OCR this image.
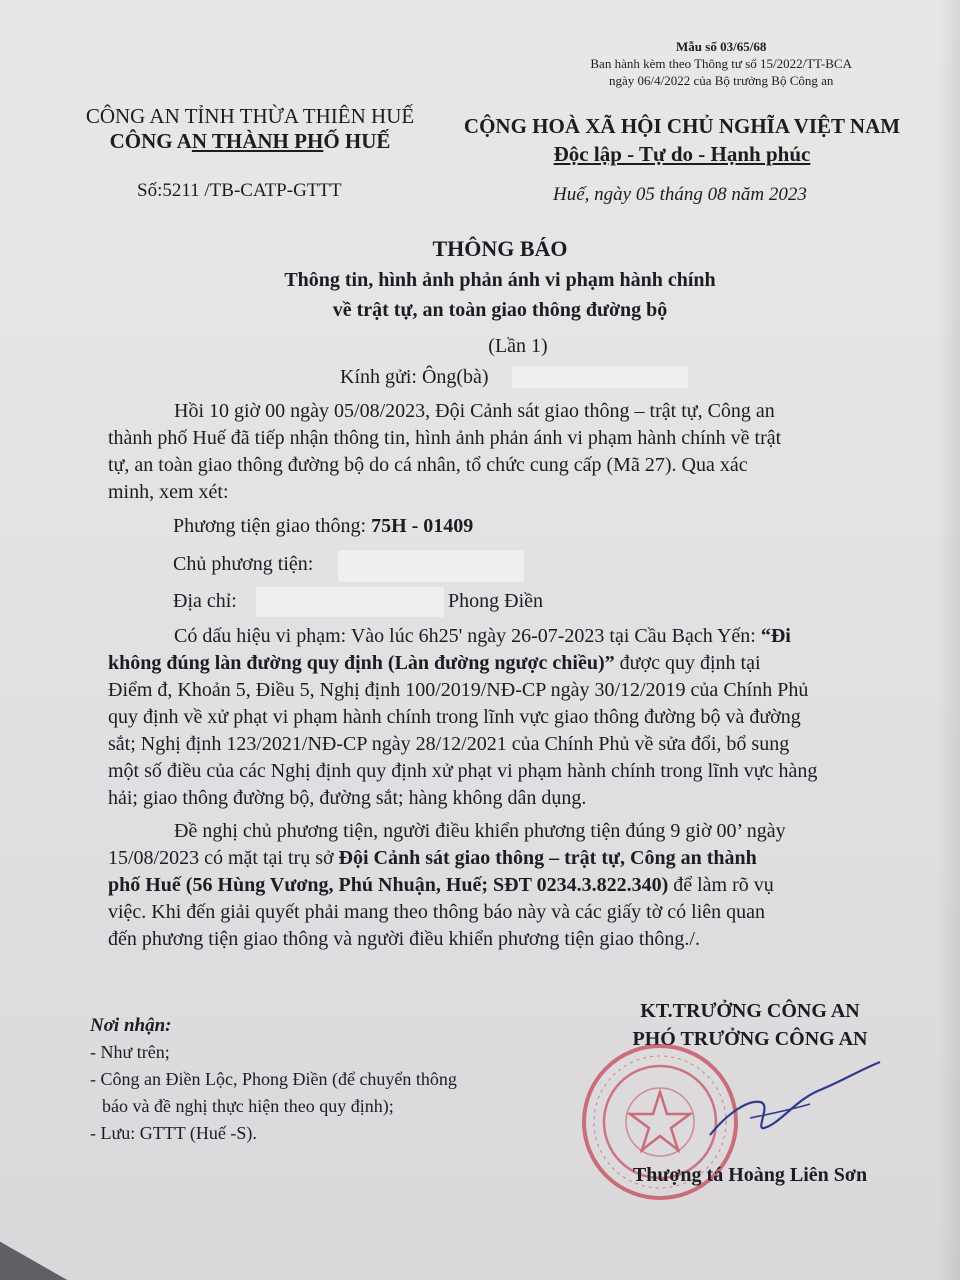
Mẫu số 03/65/68
Ban hành kèm theo Thông tư số 15/2022/TT-BCA
ngày 06/4/2022 của Bộ trưởng Bộ Công an
CÔNG AN TỈNH THỪA THIÊN HUẾ
CÔNG AN THÀNH PHỐ HUẾ
CỘNG HOÀ XÃ HỘI CHỦ NGHĨA VIỆT NAM
Độc lập - Tự do - Hạnh phúc
Số:5211 /TB-CATP-GTTT	Huế, ngày 05 tháng 08 năm 2023
THÔNG BÁO
Thông tin, hình ảnh phản ánh vi phạm hành chính
về trật tự, an toàn giao thông đường bộ
(Lần 1)
Kính gửi: Ông(bà)
Hồi 10 giờ 00 ngày 05/08/2023, Đội Cảnh sát giao thông – trật tự, Công an
thành phố Huế đã tiếp nhận thông tin, hình ảnh phản ánh vi phạm hành chính về trật
tự, an toàn giao thông đường bộ do cá nhân, tổ chức cung cấp (Mã 27). Qua xác
minh, xem xét:
Phương tiện giao thông: 75H - 01409
Chủ phương tiện:
Địa chỉ:	Phong Điền
Có dấu hiệu vi phạm: Vào lúc 6h25' ngày 26-07-2023 tại Cầu Bạch Yến: “Đi
không đúng làn đường quy định (Làn đường ngược chiều)” được quy định tại
Điểm đ, Khoản 5, Điều 5, Nghị định 100/2019/NĐ-CP ngày 30/12/2019 của Chính Phủ
quy định về xử phạt vi phạm hành chính trong lĩnh vực giao thông đường bộ và đường
sắt; Nghị định 123/2021/NĐ-CP ngày 28/12/2021 của Chính Phủ về sửa đổi, bổ sung
một số điều của các Nghị định quy định xử phạt vi phạm hành chính trong lĩnh vực hàng
hải; giao thông đường bộ, đường sắt; hàng không dân dụng.
Đề nghị chủ phương tiện, người điều khiển phương tiện đúng 9 giờ 00’ ngày
15/08/2023 có mặt tại trụ sở Đội Cảnh sát giao thông – trật tự, Công an thành
phố Huế (56 Hùng Vương, Phú Nhuận, Huế; SĐT 0234.3.822.340) để làm rõ vụ
việc. Khi đến giải quyết phải mang theo thông báo này và các giấy tờ có liên quan
đến phương tiện giao thông và người điều khiển phương tiện giao thông./.
Nơi nhận:
- Như trên;
- Công an Điền Lộc, Phong Điền (để chuyển thông
báo và đề nghị thực hiện theo quy định);
- Lưu: GTTT (Huế -S).
KT.TRƯỞNG CÔNG AN
PHÓ TRƯỞNG CÔNG AN
Thượng tá Hoàng Liên Sơn
